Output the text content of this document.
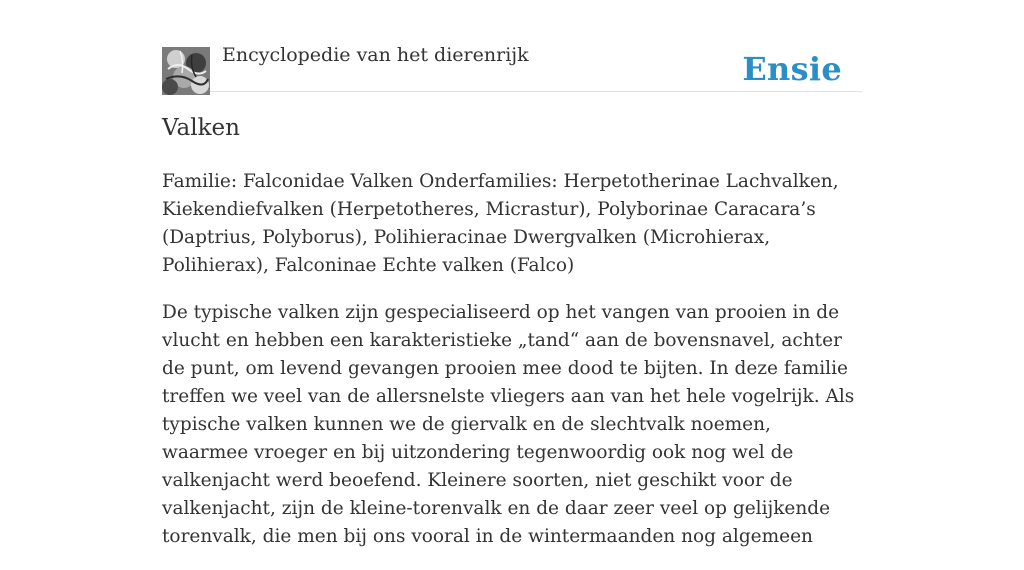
Encyclopedie van het dierenrijk	Ensie
Valken

Familie: Falconidae Valken Onderfamilies: Herpetotherinae Lachvalken, Kiekendiefvalken (Herpetotheres, Micrastur), Polyborinae Caracara’s (Daptrius, Polyborus), Polihieracinae Dwergvalken (Microhierax, Polihierax), Falconinae Echte valken (Falco)

De typische valken zijn gespecialiseerd op het vangen van prooien in de vlucht en hebben een karakteristieke „tand“ aan de bovensnavel, achter de punt, om levend gevangen prooien mee dood te bijten. In deze familie treffen we veel van de allersnelste vliegers aan van het hele vogelrijk. Als typische valken kunnen we de giervalk en de slechtvalk noemen, waarmee vroeger en bij uitzondering tegenwoordig ook nog wel de valkenjacht werd beoefend. Kleinere soorten, niet geschikt voor de valkenjacht, zijn de kleine-torenvalk en de daar zeer veel op gelijkende torenvalk, die men bij ons vooral in de wintermaanden nog algemeen
